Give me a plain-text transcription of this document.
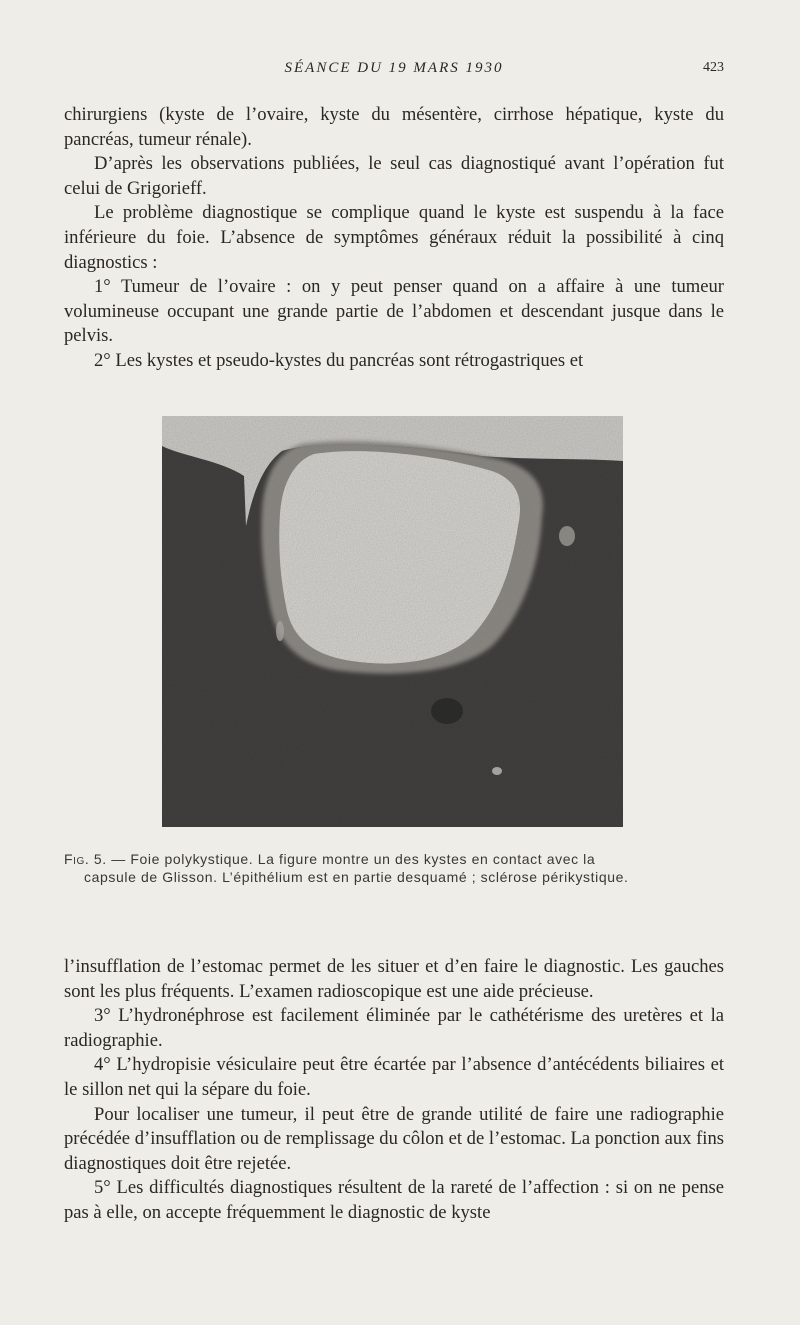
SÉANCE DU 19 MARS 1930	423

chirurgiens (kyste de l’ovaire, kyste du mésentère, cirrhose hépatique, kyste du pancréas, tumeur rénale).

D’après les observations publiées, le seul cas diagnostiqué avant l’opération fut celui de Grigorieff.

Le problème diagnostique se complique quand le kyste est suspendu à la face inférieure du foie. L’absence de symptômes généraux réduit la possibilité à cinq diagnostics :

1° Tumeur de l’ovaire : on y peut penser quand on a affaire à une tumeur volumineuse occupant une grande partie de l’abdomen et descendant jusque dans le pelvis.

2° Les kystes et pseudo-kystes du pancréas sont rétrogastriques et

Fig. 5. — Foie polykystique. La figure montre un des kystes en contact avec la
capsule de Glisson. L’épithélium est en partie desquamé ; sclérose périkystique.

l’insufflation de l’estomac permet de les situer et d’en faire le diagnostic. Les gauches sont les plus fréquents. L’examen radioscopique est une aide précieuse.

3° L’hydronéphrose est facilement éliminée par le cathétérisme des uretères et la radiographie.

4° L’hydropisie vésiculaire peut être écartée par l’absence d’antécédents biliaires et le sillon net qui la sépare du foie.

Pour localiser une tumeur, il peut être de grande utilité de faire une radiographie précédée d’insufflation ou de remplissage du côlon et de l’estomac. La ponction aux fins diagnostiques doit être rejetée.

5° Les difficultés diagnostiques résultent de la rareté de l’affection : si on ne pense pas à elle, on accepte fréquemment le diagnostic de kyste
